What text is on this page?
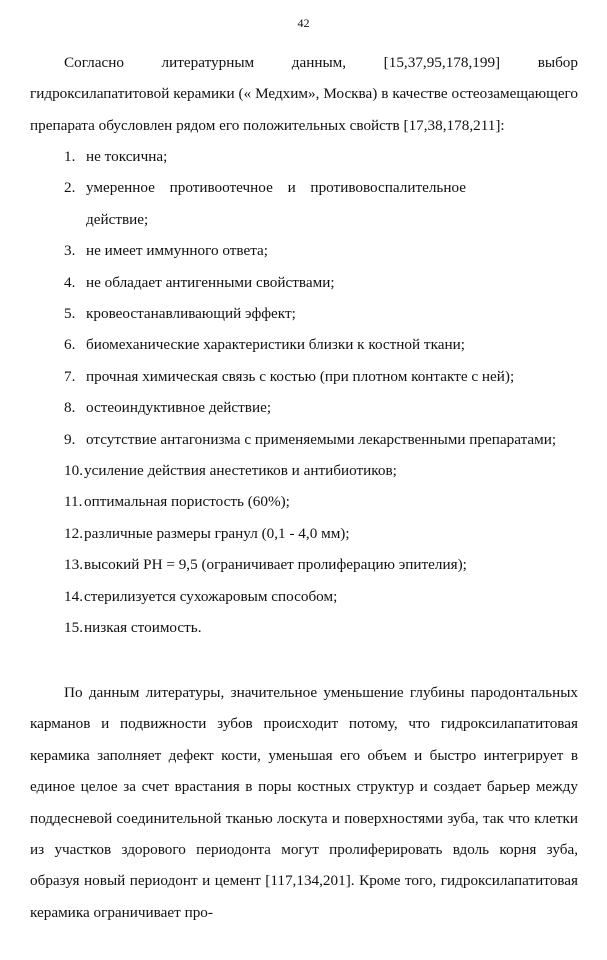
42

Согласно литературным данным, [15,37,95,178,199] выбор гидроксилапатитовой керамики (« Медхим», Москва) в качестве остеозамещающего препарата обусловлен рядом его положительных свойств [17,38,178,211]:

1. не токсична;
2. умеренное противоотечное и противовоспалительное действие;
3. не имеет иммунного ответа;
4. не обладает антигенными свойствами;
5. кровеостанавливающий эффект;
6. биомеханические характеристики близки к костной ткани;
7. прочная химическая связь с костью (при плотном контакте с ней);
8. остеоиндуктивное действие;
9. отсутствие антагонизма с применяемыми лекарственными препаратами;
10. усиление действия анестетиков и антибиотиков;
11. оптимальная пористость (60%);
12. различные размеры гранул (0,1 - 4,0 мм);
13. высокий PH = 9,5 (ограничивает пролиферацию эпителия);
14. стерилизуется сухожаровым способом;
15. низкая стоимость.

По данным литературы, значительное уменьшение глубины пародонтальных карманов и подвижности зубов происходит потому, что гидроксилапатитовая керамика заполняет дефект кости, уменьшая его объем и быстро интегрирует в единое целое за счет врастания в поры костных структур и создает барьер между поддесневой соединительной тканью лоскута и поверхностями зуба, так что клетки из участков здорового периодонта могут пролиферировать вдоль корня зуба, образуя новый периодонт и цемент [117,134,201]. Кроме того, гидроксилапатитовая керамика ограничивает про-
